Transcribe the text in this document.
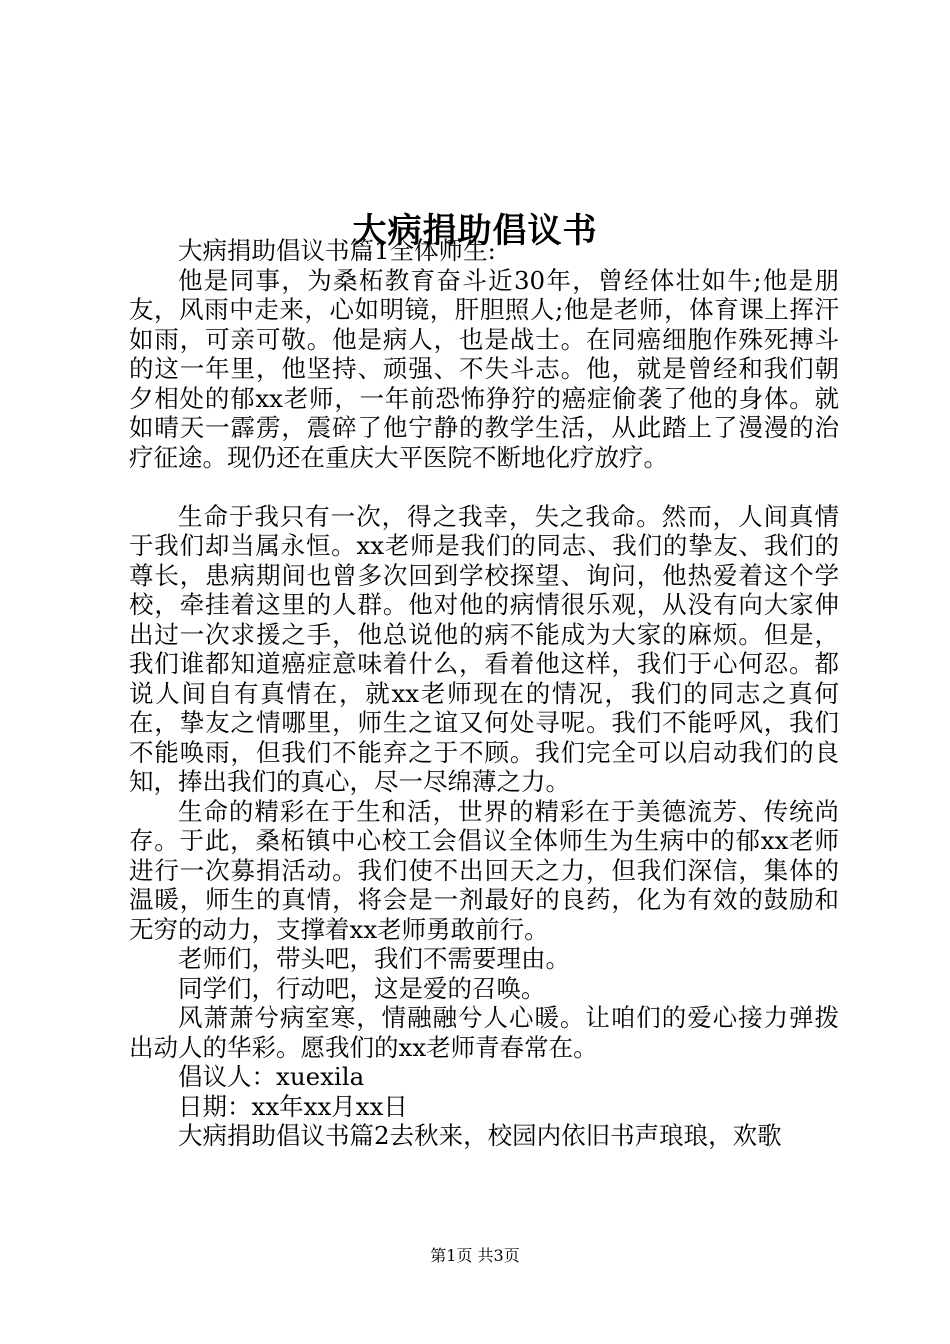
大病捐助倡议书

大病捐助倡议书篇1全体师生:

他是同事，为桑柘教育奋斗近30年，曾经体壮如牛;他是朋友，风雨中走来，心如明镜，肝胆照人;他是老师，体育课上挥汗如雨，可亲可敬。他是病人，也是战士。在同癌细胞作殊死搏斗的这一年里，他坚持、顽强、不失斗志。他，就是曾经和我们朝夕相处的郁xx老师，一年前恐怖狰狞的癌症偷袭了他的身体。就如晴天一霹雳，震碎了他宁静的教学生活，从此踏上了漫漫的治疗征途。现仍还在重庆大平医院不断地化疗放疗。

生命于我只有一次，得之我幸，失之我命。然而，人间真情于我们却当属永恒。xx老师是我们的同志、我们的挚友、我们的尊长，患病期间也曾多次回到学校探望、询问，他热爱着这个学校，牵挂着这里的人群。他对他的病情很乐观，从没有向大家伸出过一次求援之手，他总说他的病不能成为大家的麻烦。但是，我们谁都知道癌症意味着什么，看着他这样，我们于心何忍。都说人间自有真情在，就xx老师现在的情况，我们的同志之真何在，挚友之情哪里，师生之谊又何处寻呢。我们不能呼风，我们不能唤雨，但我们不能弃之于不顾。我们完全可以启动我们的良知，捧出我们的真心，尽一尽绵薄之力。

生命的精彩在于生和活，世界的精彩在于美德流芳、传统尚存。于此，桑柘镇中心校工会倡议全体师生为生病中的郁xx老师进行一次募捐活动。我们使不出回天之力，但我们深信，集体的温暖，师生的真情，将会是一剂最好的良药，化为有效的鼓励和无穷的动力，支撑着xx老师勇敢前行。

老师们，带头吧，我们不需要理由。

同学们，行动吧，这是爱的召唤。

风萧萧兮病室寒，情融融兮人心暖。让咱们的爱心接力弹拨出动人的华彩。愿我们的xx老师青春常在。

倡议人：xuexila

日期：xx年xx月xx日

大病捐助倡议书篇2去秋来，校园内依旧书声琅琅，欢歌

第1页 共3页
